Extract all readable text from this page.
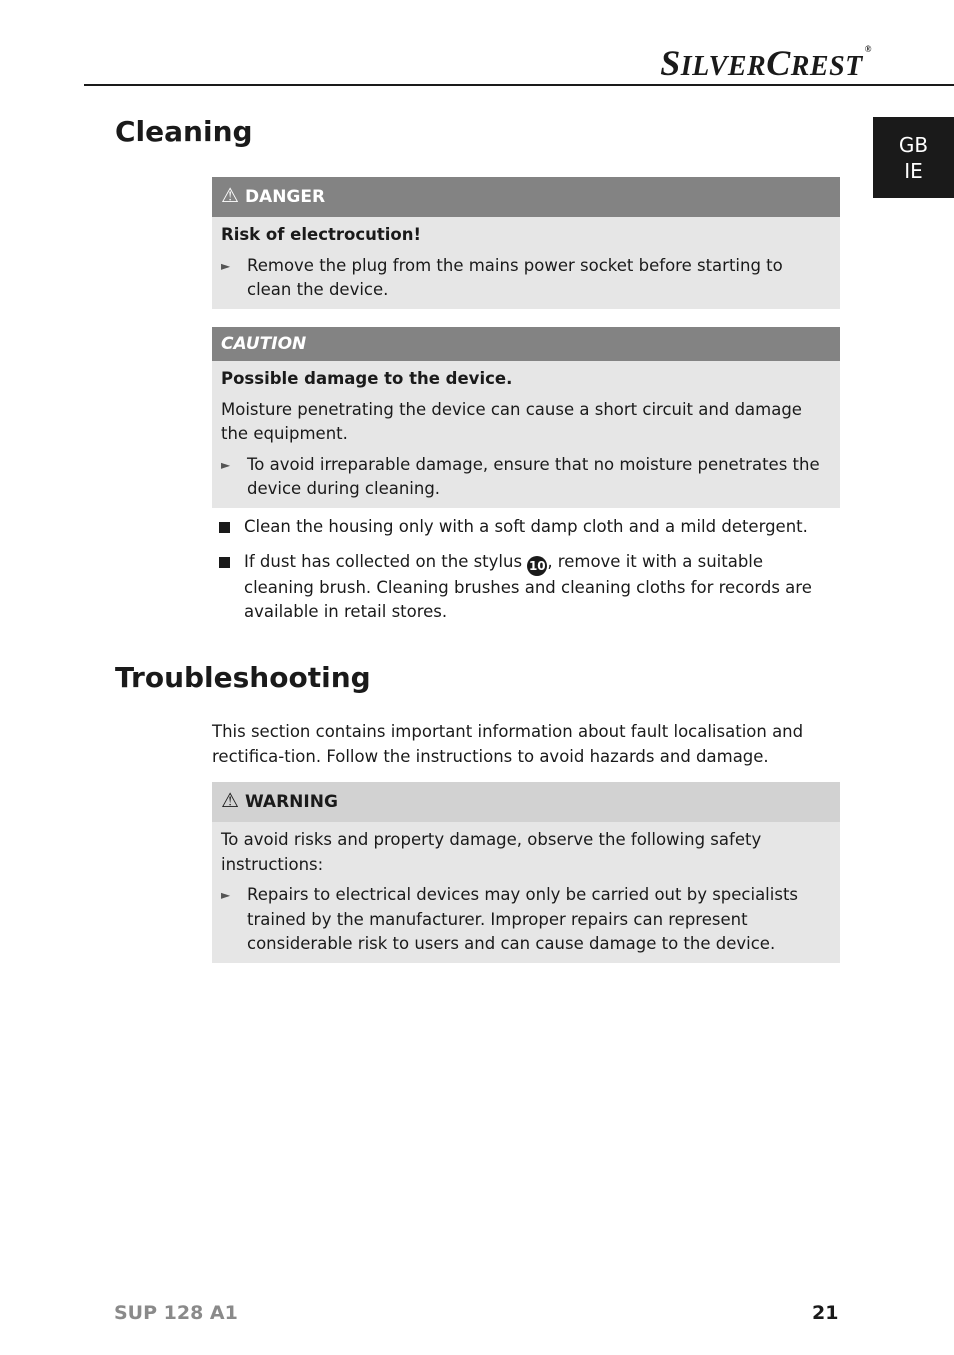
SILVERCREST®
GB
IE
Cleaning
⚠ DANGER

Risk of electrocution!

► Remove the plug from the mains power socket before starting to clean the device.

CAUTION

Possible damage to the device.

Moisture penetrating the device can cause a short circuit and damage the equipment.

► To avoid irreparable damage, ensure that no moisture penetrates the device during cleaning.

Clean the housing only with a soft damp cloth and a mild detergent.
If dust has collected on the stylus 10 , remove it with a suitable cleaning brush. Cleaning brushes and cleaning cloths for records are available in retail stores.
Troubleshooting

This section contains important information about fault localisation and rectifica-tion. Follow the instructions to avoid hazards and damage.

⚠ WARNING

To avoid risks and property damage, observe the following safety instructions:

► Repairs to electrical devices may only be carried out by specialists trained by the manufacturer. Improper repairs can represent considerable risk to users and can cause damage to the device.

SUP 128 A1	21
